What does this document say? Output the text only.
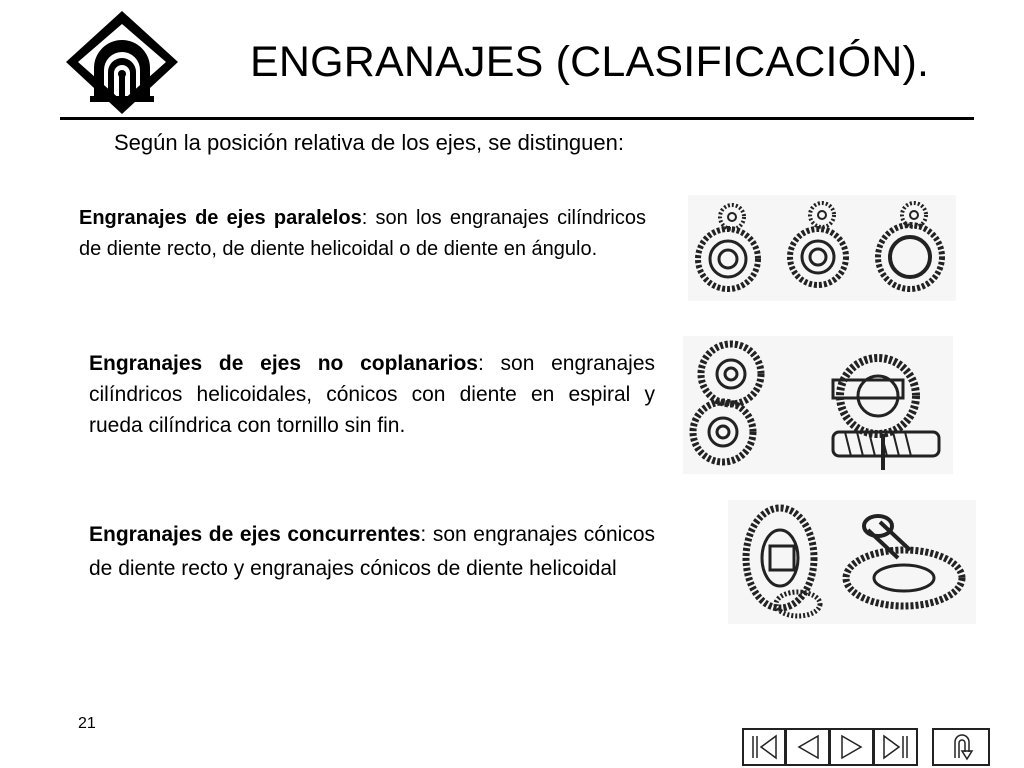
ENGRANAJES (CLASIFICACIÓN).
Según la posición relativa de los ejes, se distinguen:

Engranajes de ejes paralelos: son los engranajes cilíndricos de diente recto, de diente helicoidal o de diente en ángulo.

Engranajes de ejes no coplanarios: son engranajes cilíndricos helicoidales, cónicos con diente en espiral y rueda cilíndrica con tornillo sin fin.

Engranajes de ejes concurrentes: son engranajes cónicos de diente recto y engranajes cónicos de diente helicoidal

21
